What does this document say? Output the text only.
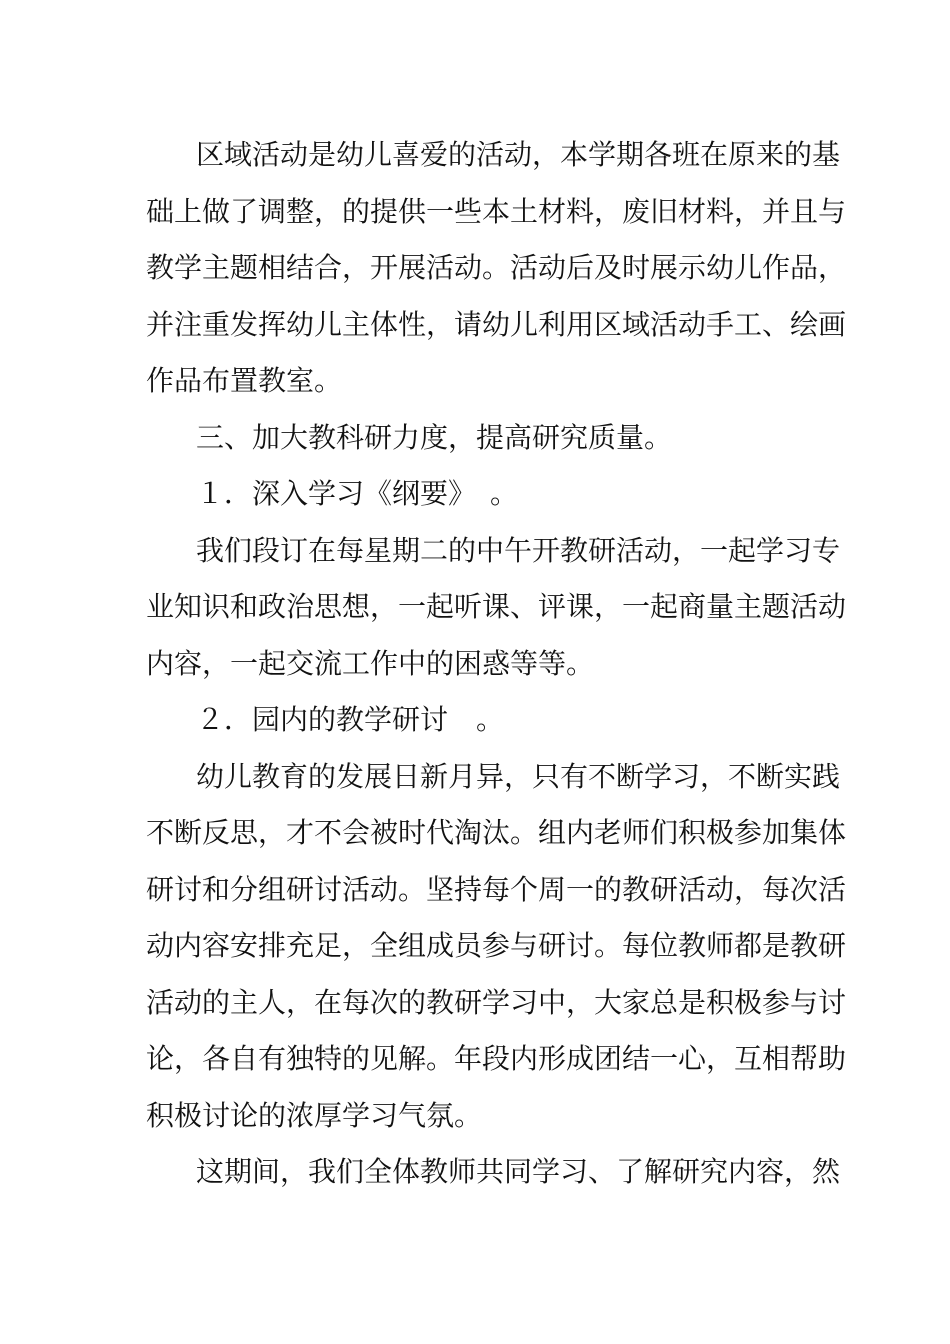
区域活动是幼儿喜爱的活动，本学期各班在原来的基
础上做了调整，的提供一些本土材料，废旧材料，并且与
教学主题相结合，开展活动。活动后及时展示幼儿作品，
并注重发挥幼儿主体性，请幼儿利用区域活动手工、绘画
作品布置教室。
三、加大教科研力度，提高研究质量。
１．深入学习《纲要》　。
我们段订在每星期二的中午开教研活动，一起学习专
业知识和政治思想，一起听课、评课，一起商量主题活动
内容，一起交流工作中的困惑等等。
２．园内的教学研讨　。
幼儿教育的发展日新月异，只有不断学习，不断实践
不断反思，才不会被时代淘汰。组内老师们积极参加集体
研讨和分组研讨活动。坚持每个周一的教研活动，每次活
动内容安排充足，全组成员参与研讨。每位教师都是教研
活动的主人，在每次的教研学习中，大家总是积极参与讨
论，各自有独特的见解。年段内形成团结一心，互相帮助
积极讨论的浓厚学习气氛。
这期间，我们全体教师共同学习、了解研究内容，然
